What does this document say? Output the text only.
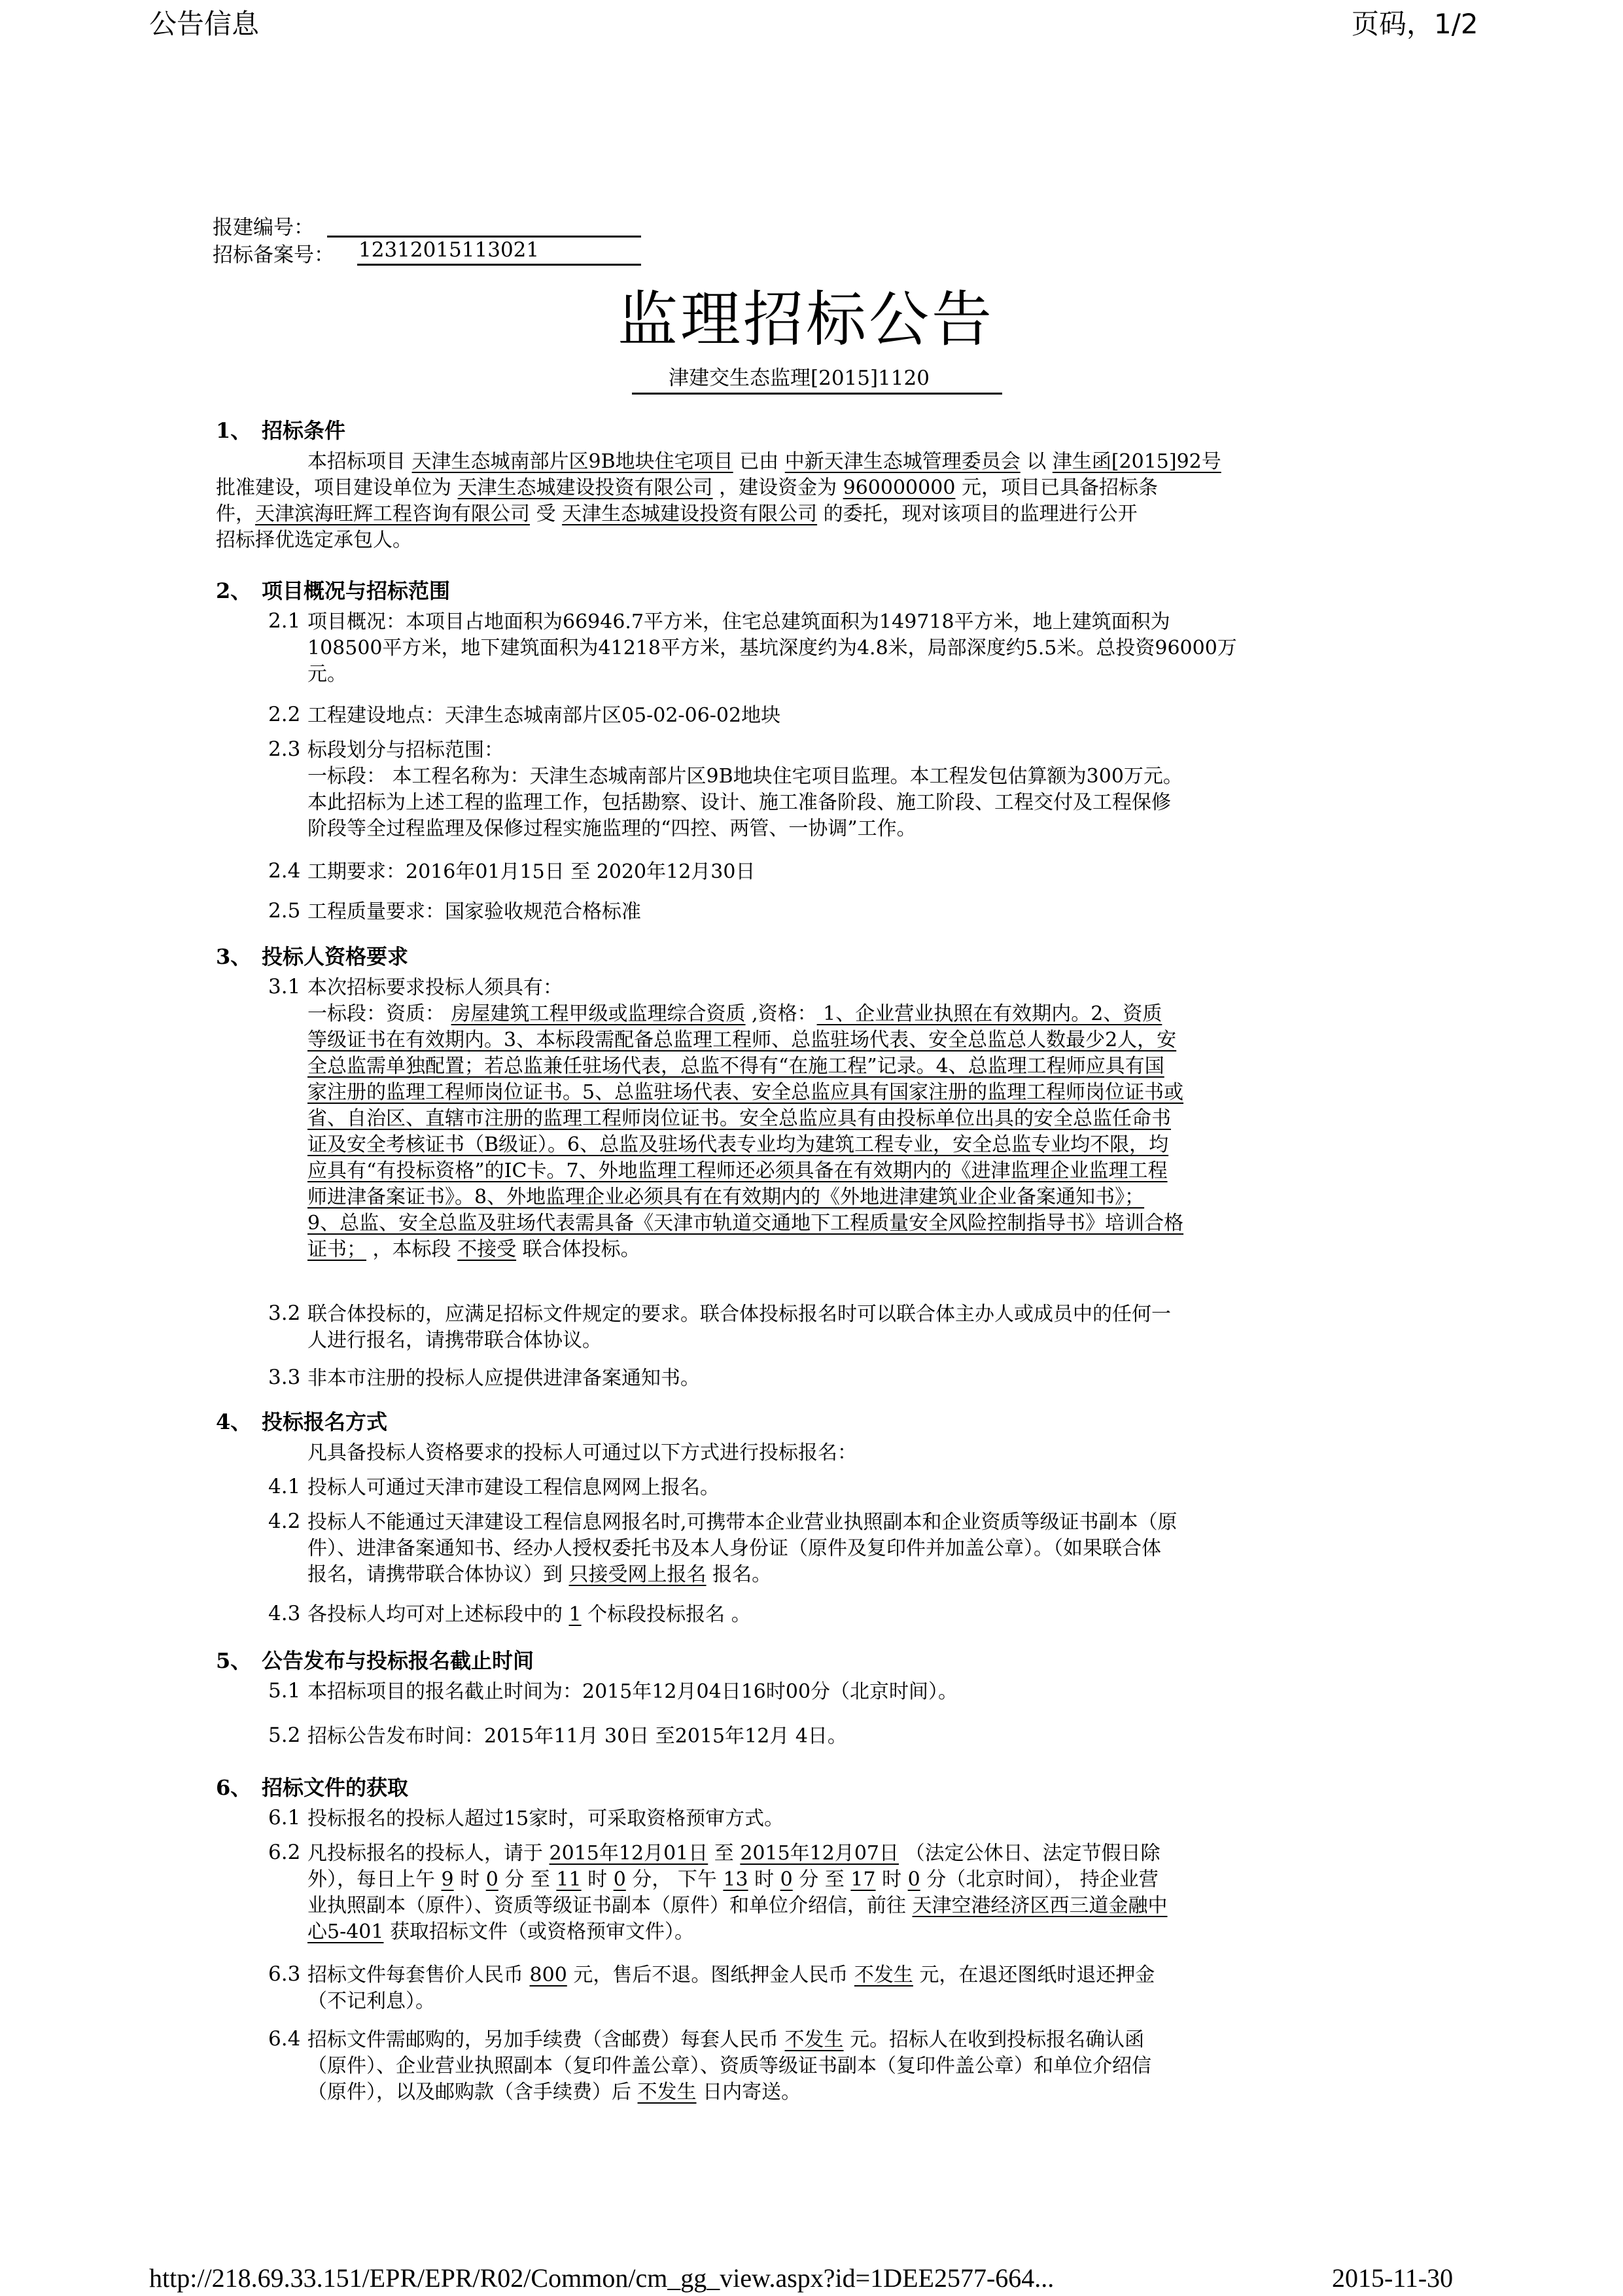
公告信息	页码，1/2
报建编号：
招标备案号： 12312015113021
监理招标公告
津建交生态监理[2015]1120
1、 招标条件
本招标项目 天津生态城南部片区9B地块住宅项目 已由 中新天津生态城管理委员会 以 津生函[2015]92号
批准建设，项目建设单位为 天津生态城建设投资有限公司 ，建设资金为 960000000 元，项目已具备招标条
件，天津滨海旺辉工程咨询有限公司 受 天津生态城建设投资有限公司 的委托，现对该项目的监理进行公开
招标择优选定承包人。
2、 项目概况与招标范围
2.1 项目概况：本项目占地面积为66946.7平方米，住宅总建筑面积为149718平方米，地上建筑面积为
108500平方米，地下建筑面积为41218平方米，基坑深度约为4.8米，局部深度约5.5米。总投资96000万
元。
2.2 工程建设地点：天津生态城南部片区05-02-06-02地块
2.3 标段划分与招标范围：
一标段： 本工程名称为：天津生态城南部片区9B地块住宅项目监理。本工程发包估算额为300万元。
本此招标为上述工程的监理工作，包括勘察、设计、施工准备阶段、施工阶段、工程交付及工程保修
阶段等全过程监理及保修过程实施监理的“四控、两管、一协调”工作。
2.4 工期要求：2016年01月15日 至 2020年12月30日
2.5 工程质量要求：国家验收规范合格标准
3、 投标人资格要求
3.1 本次招标要求投标人须具有：
一标段：资质： 房屋建筑工程甲级或监理综合资质 ,资格： 1、企业营业执照在有效期内。2、资质
等级证书在有效期内。3、本标段需配备总监理工程师、总监驻场代表、安全总监总人数最少2人，安
全总监需单独配置；若总监兼任驻场代表，总监不得有“在施工程”记录。4、总监理工程师应具有国
家注册的监理工程师岗位证书。5、总监驻场代表、安全总监应具有国家注册的监理工程师岗位证书或
省、自治区、直辖市注册的监理工程师岗位证书。安全总监应具有由投标单位出具的安全总监任命书
证及安全考核证书（B级证）。6、总监及驻场代表专业均为建筑工程专业，安全总监专业均不限，均
应具有“有投标资格”的IC卡。7、外地监理工程师还必须具备在有效期内的《进津监理企业监理工程
师进津备案证书》。8、外地监理企业必须具有在有效期内的《外地进津建筑业企业备案通知书》；
9、总监、安全总监及驻场代表需具备《天津市轨道交通地下工程质量安全风险控制指导书》培训合格
证书； ，本标段 不接受 联合体投标。
3.2 联合体投标的，应满足招标文件规定的要求。联合体投标报名时可以联合体主办人或成员中的任何一
人进行报名，请携带联合体协议。
3.3 非本市注册的投标人应提供进津备案通知书。
4、 投标报名方式
凡具备投标人资格要求的投标人可通过以下方式进行投标报名：
4.1 投标人可通过天津市建设工程信息网网上报名。
4.2 投标人不能通过天津建设工程信息网报名时,可携带本企业营业执照副本和企业资质等级证书副本（原
件）、进津备案通知书、经办人授权委托书及本人身份证（原件及复印件并加盖公章）。（如果联合体
报名，请携带联合体协议）到 只接受网上报名 报名。
4.3 各投标人均可对上述标段中的 1 个标段投标报名 。
5、 公告发布与投标报名截止时间
5.1 本招标项目的报名截止时间为：2015年12月04日16时00分（北京时间）。
5.2 招标公告发布时间：2015年11月 30日 至2015年12月 4日。
6、 招标文件的获取
6.1 投标报名的投标人超过15家时，可采取资格预审方式。
6.2 凡投标报名的投标人，请于 2015年12月01日 至 2015年12月07日 （法定公休日、法定节假日除
外），每日上午 9 时 0 分 至 11 时 0 分， 下午 13 时 0 分 至 17 时 0 分（北京时间）， 持企业营
业执照副本（原件）、资质等级证书副本（原件）和单位介绍信，前往 天津空港经济区西三道金融中
心5-401 获取招标文件（或资格预审文件）。
6.3 招标文件每套售价人民币 800 元，售后不退。图纸押金人民币 不发生 元，在退还图纸时退还押金
（不记利息）。
6.4 招标文件需邮购的，另加手续费（含邮费）每套人民币 不发生 元。招标人在收到投标报名确认函
（原件）、企业营业执照副本（复印件盖公章）、资质等级证书副本（复印件盖公章）和单位介绍信
（原件），以及邮购款（含手续费）后 不发生 日内寄送。
http://218.69.33.151/EPR/EPR/R02/Common/cm_gg_view.aspx?id=1DEE2577-664...	2015-11-30
